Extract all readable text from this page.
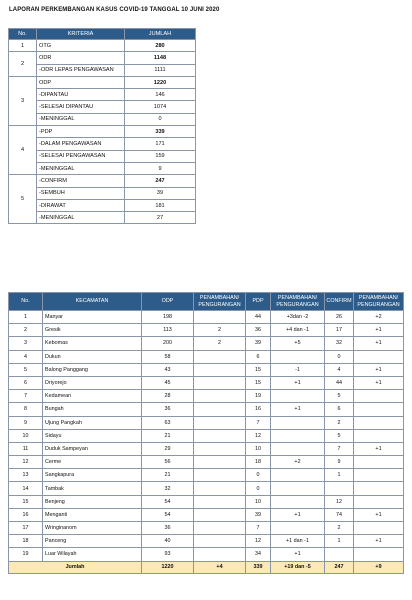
LAPORAN PERKEMBANGAN KASUS COVID-19 TANGGAL 10 JUNI 2020
No.	KRITERIA	JUMLAH
1	OTG	280
2	ODR	1148
	-ODR LEPAS PENGAWASAN	1111
3	ODP	1220
	-DIPANTAU	146
	-SELESAI DIPANTAU	1074
	-MENINGGAL	0
4	-PDP	339
	-DALAM PENGAWASAN	171
	-SELESAI PENGAWASAN	159
	-MENINGGAL	9
5	-CONFIRM	247
	-SEMBUH	39
	-DIRAWAT	181
	-MENINGGAL	27
No.	KECAMATAN	ODP	PENAMBAHAN/ PENGURANGAN	PDP	PENAMBAHAN/ PENGURANGAN	CONFIRM	PENAMBAHAN/ PENGURANGAN
1	Manyar	198		44	+3dan -2	26	+2
2	Gresik	113	2	36	+4 dan -1	17	+1
3	Kebomas	200	2	39	+5	32	+1
4	Dukun	58		6		0	
5	Balong Panggang	43		15	-1	4	+1
6	Driyorejo	45		15	+1	44	+1
7	Kedamean	28		19		5	
8	Bungah	36		16	+1	6	
9	Ujung Pangkah	63		7		2	
10	Sidayu	21		12		5	
11	Duduk Sampeyan	29		10		7	+1
12	Cerme	56		18	+2	9	
13	Sangkapura	21		0		1	
14	Tambak	32		0			
15	Benjeng	54		10		12	
16	Menganti	54		39	+1	74	+1
17	Wringinanom	36		7		2	
18	Panceng	40		12	+1 dan -1	1	+1
19	Luar Wilayah	93		34	+1		
Jumlah		1220	+4	339	+19 dan -5	247	+9
